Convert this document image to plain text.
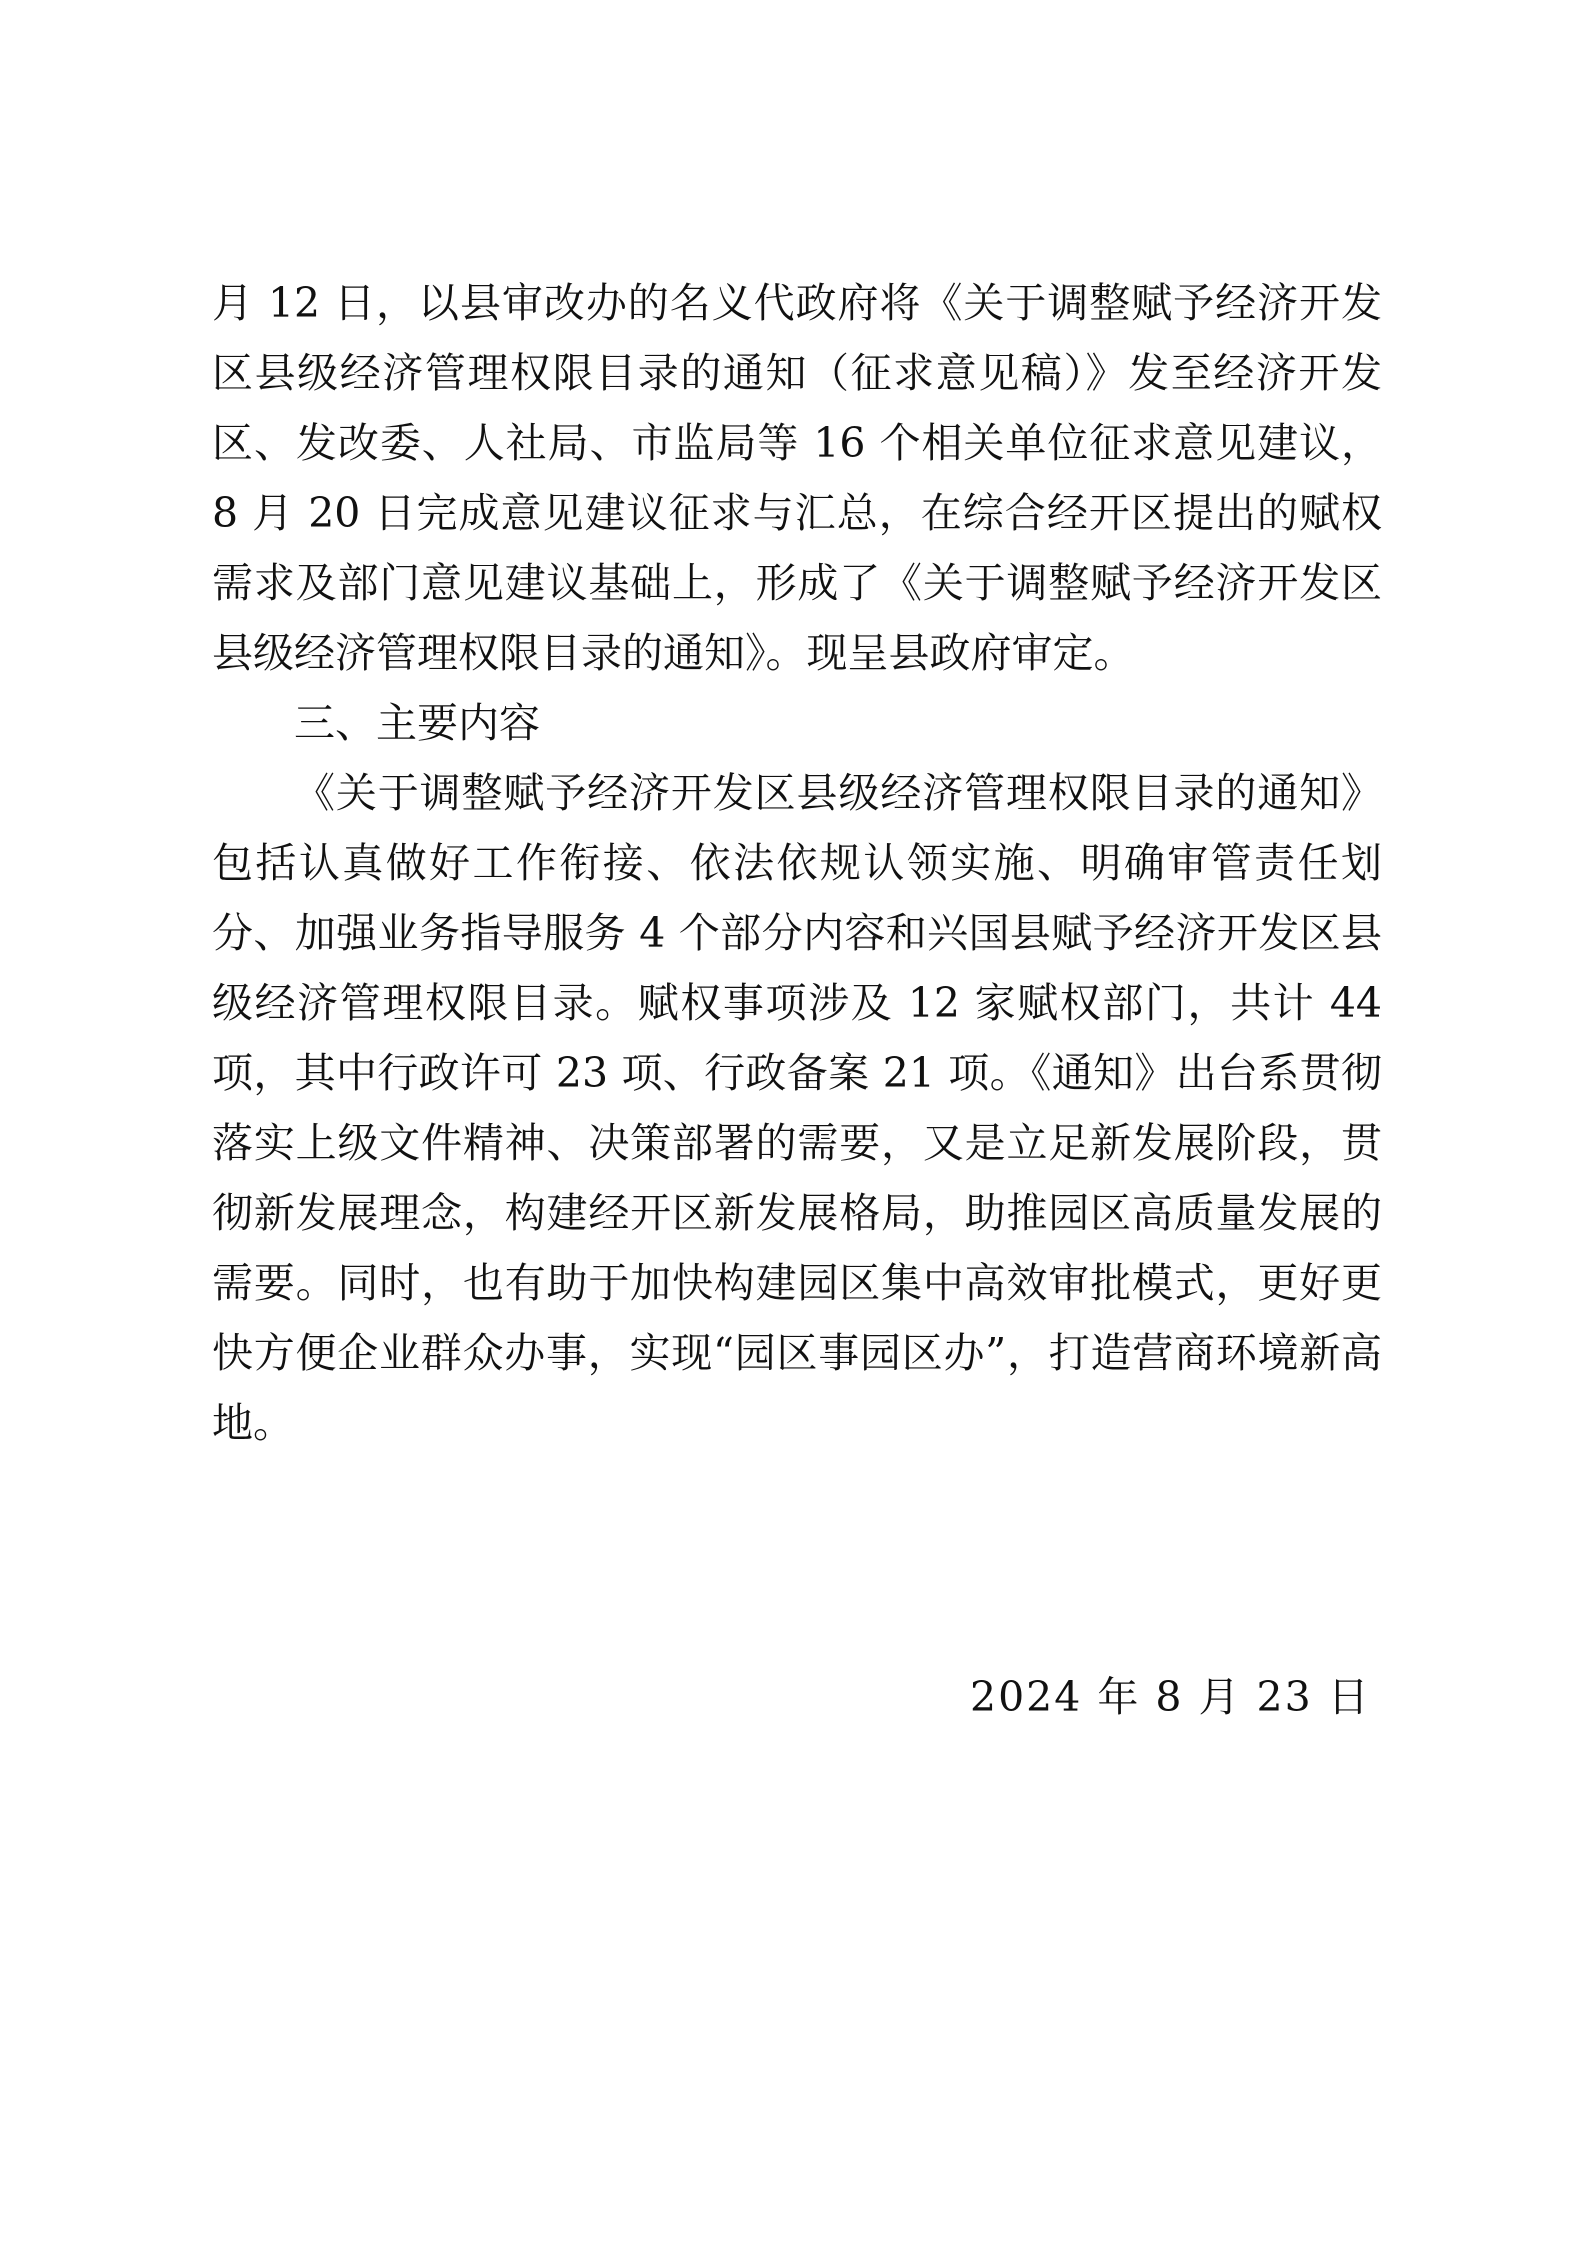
月 12 日，以县审改办的名义代政府将《关于调整赋予经济开发区县级经济管理权限目录的通知（征求意见稿）》发至经济开发区、发改委、人社局、市监局等 16 个相关单位征求意见建议，8 月 20 日完成意见建议征求与汇总，在综合经开区提出的赋权需求及部门意见建议基础上，形成了《关于调整赋予经济开发区县级经济管理权限目录的通知》。现呈县政府审定。

三、主要内容

《关于调整赋予经济开发区县级经济管理权限目录的通知》包括认真做好工作衔接、依法依规认领实施、明确审管责任划分、加强业务指导服务 4 个部分内容和兴国县赋予经济开发区县级经济管理权限目录。赋权事项涉及 12 家赋权部门，共计 44 项，其中行政许可 23 项、行政备案 21 项。《通知》出台系贯彻落实上级文件精神、决策部署的需要，又是立足新发展阶段，贯彻新发展理念，构建经开区新发展格局，助推园区高质量发展的需要。同时，也有助于加快构建园区集中高效审批模式，更好更快方便企业群众办事，实现“园区事园区办”，打造营商环境新高地。

2024 年 8 月 23 日
